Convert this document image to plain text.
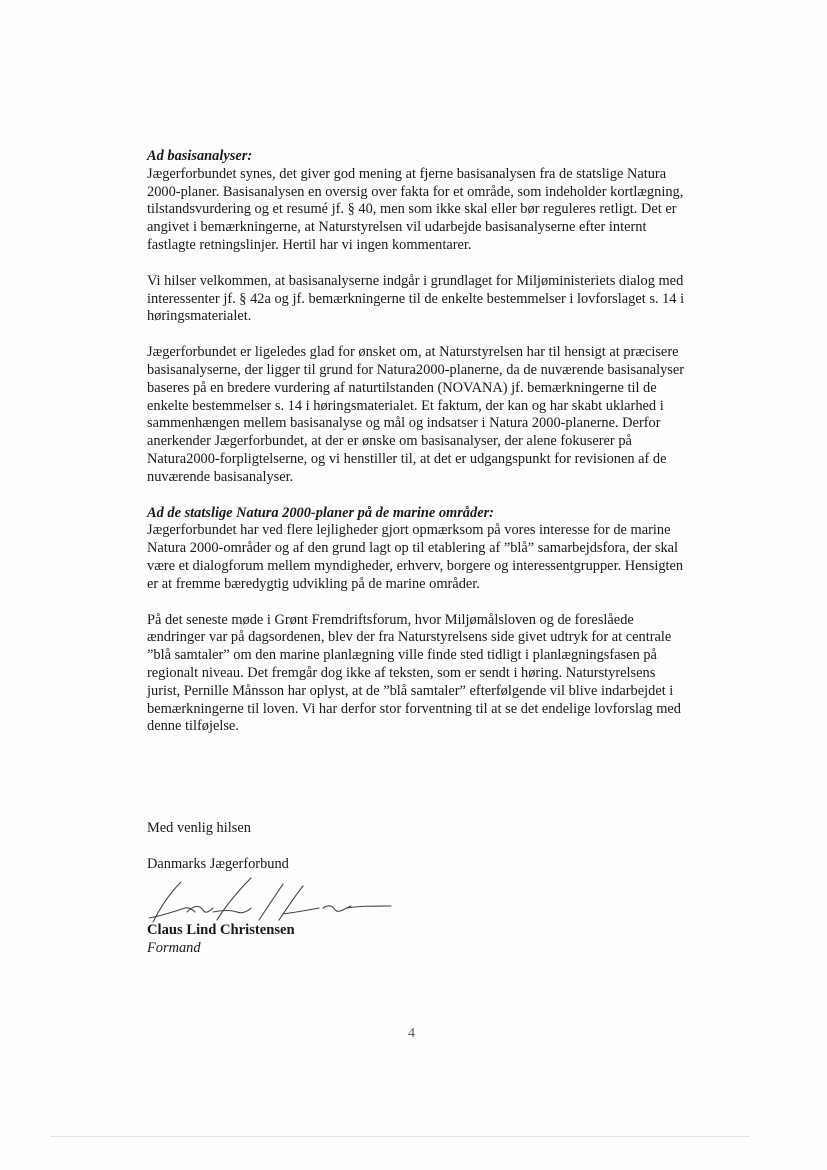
Ad basisanalyser:

Jægerforbundet synes, det giver god mening at fjerne basisanalysen fra de statslige Natura 2000-planer. Basisanalysen en oversig over fakta for et område, som indeholder kortlægning, tilstandsvurdering og et resumé jf. § 40, men som ikke skal eller bør reguleres retligt. Det er angivet i bemærkningerne, at Naturstyrelsen vil udarbejde basisanalyserne efter internt fastlagte retningslinjer. Hertil har vi ingen kommentarer.

Vi hilser velkommen, at basisanalyserne indgår i grundlaget for Miljøministeriets dialog med interessenter jf. § 42a og jf. bemærkningerne til de enkelte bestemmelser i lovforslaget s. 14 i høringsmaterialet.

Jægerforbundet er ligeledes glad for ønsket om, at Naturstyrelsen har til hensigt at præcisere basisanalyserne, der ligger til grund for Natura2000-planerne, da de nuværende basisanalyser baseres på en bredere vurdering af naturtilstanden (NOVANA) jf. bemærkningerne til de enkelte bestemmelser s. 14 i høringsmaterialet. Et faktum, der kan og har skabt uklarhed i sammenhængen mellem basisanalyse og mål og indsatser i Natura 2000-planerne. Derfor anerkender Jægerforbundet, at der er ønske om basisanalyser, der alene fokuserer på Natura2000-forpligtelserne, og vi henstiller til, at det er udgangspunkt for revisionen af de nuværende basisanalyser.

Ad de statslige Natura 2000-planer på de marine områder:

Jægerforbundet har ved flere lejligheder gjort opmærksom på vores interesse for de marine Natura 2000-områder og af den grund lagt op til etablering af ”blå” samarbejdsfora, der skal være et dialogforum mellem myndigheder, erhverv, borgere og interessentgrupper. Hensigten er at fremme bæredygtig udvikling på de marine områder.

På det seneste møde i Grønt Fremdriftsforum, hvor Miljømålsloven og de foreslåede ændringer var på dagsordenen, blev der fra Naturstyrelsens side givet udtryk for at centrale ”blå samtaler” om den marine planlægning ville finde sted tidligt i planlægningsfasen på regionalt niveau. Det fremgår dog ikke af teksten, som er sendt i høring. Naturstyrelsens jurist, Pernille Månsson har oplyst, at de ”blå samtaler” efterfølgende vil blive indarbejdet i bemærkningerne til loven. Vi har derfor stor forventning til at se det endelige lovforslag med denne tilføjelse.

Med venlig hilsen
Danmarks Jægerforbund
Claus Lind Christensen
Formand
4
